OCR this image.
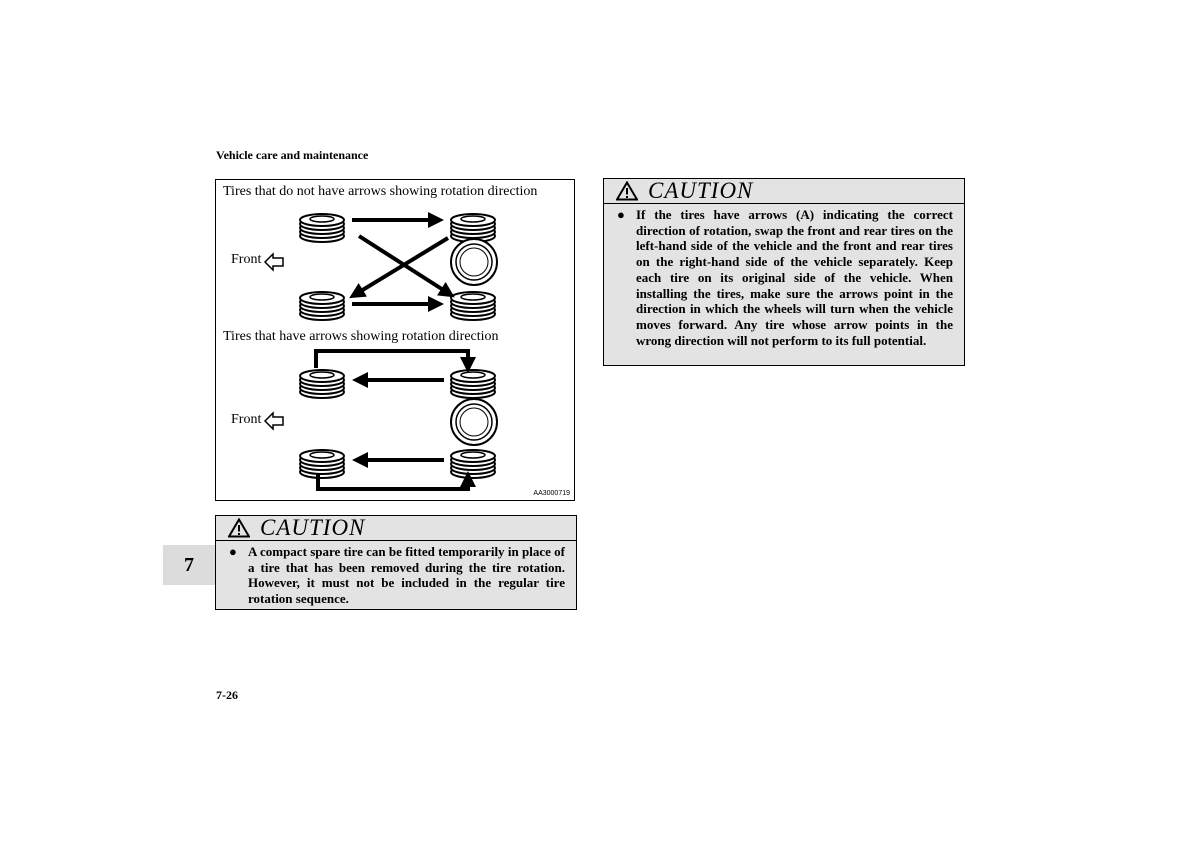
Vehicle care and maintenance
Tires that do not have arrows showing rotation direction
Tires that have arrows showing rotation direction
Front
Front
AA3000719
CAUTION
● A compact spare tire can be fitted temporarily in place of a tire that has been removed during the tire rotation. However, it must not be included in the regular tire rotation sequence.
CAUTION
● If the tires have arrows (A) indicating the correct direction of rotation, swap the front and rear tires on the left-hand side of the vehicle and the front and rear tires on the right-hand side of the vehicle separately. Keep each tire on its original side of the vehicle. When installing the tires, make sure the arrows point in the direction in which the wheels will turn when the vehicle moves forward. Any tire whose arrow points in the wrong direction will not perform to its full potential.
7
7-26
